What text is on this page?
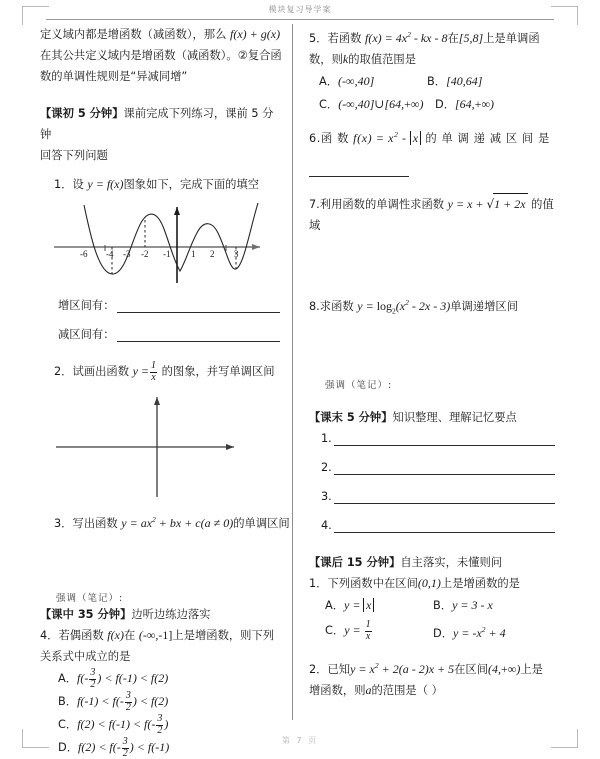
模块复习导学案
定义域内都是增函数（减函数），那么 f(x) + g(x)
在其公共定义域内是增函数（减函数）。②复合函
数的单调性规则是“异减同增”
【课初 5 分钟】课前完成下列练习，课前 5 分钟
回答下列问题
1．设 y = f(x)图象如下，完成下面的填空
-6 -4 -3 -2 -1 1 2 3
增区间有：
减区间有：
2．试画出函数 $y = \frac{1}{x}$ 的图象，并写单调区间
3．写出函数 $y = ax^2$ + bx + c(a ≠ 0)的单调区间
强调（笔记）:
【课中 35 分钟】边听边练边落实
4．若偶函数 f(x)在 (-∞,-1]上是增函数，则下列
关系式中成立的是
A． $f(- \frac{3}{2}$ ) < f(-1) < f(2)
B． $f(-1) < f(- \frac{3}{2}$ ) < f(2)
C． $f(2) < f(-1) < f(- \frac{3}{2}$ )
D． $f(2) < f(- \frac{3}{2}$ ) < f(-1)
5．若函数 $f(x) = 4x^2$ - kx - 8在[5,8]上是单调函
数，则k的取值范围是
A．(-∞,40]	B．[40,64]
C．(-∞,40]∪[64,+∞)	D．[64,+∞)
6.函 数 $f(x) = x^2 - x$ 的 单 调 递 减 区 间 是

7.利用函数的单调性求函数 y = x + √1 + 2x 的值
域
8.求函数 $y = \log_2(x^2 - 2x - 3)$单调递增区间
强调（笔记）:
【课末 5 分钟】知识整理、理解记忆要点
1.
2.
3.
4.
【课后 15 分钟】自主落实，未懂则问
1．下列函数中在区间(0,1)上是增函数的是
A．y = x	B．y = 3 - x
C．$y = \frac{1}{x}$	D．$y = -x^2 + 4$
2．已知$y = x^2 + 2(a - 2)x + 5$在区间(4,+∞)上是
增函数，则a的范围是（ ）
第 7 页
